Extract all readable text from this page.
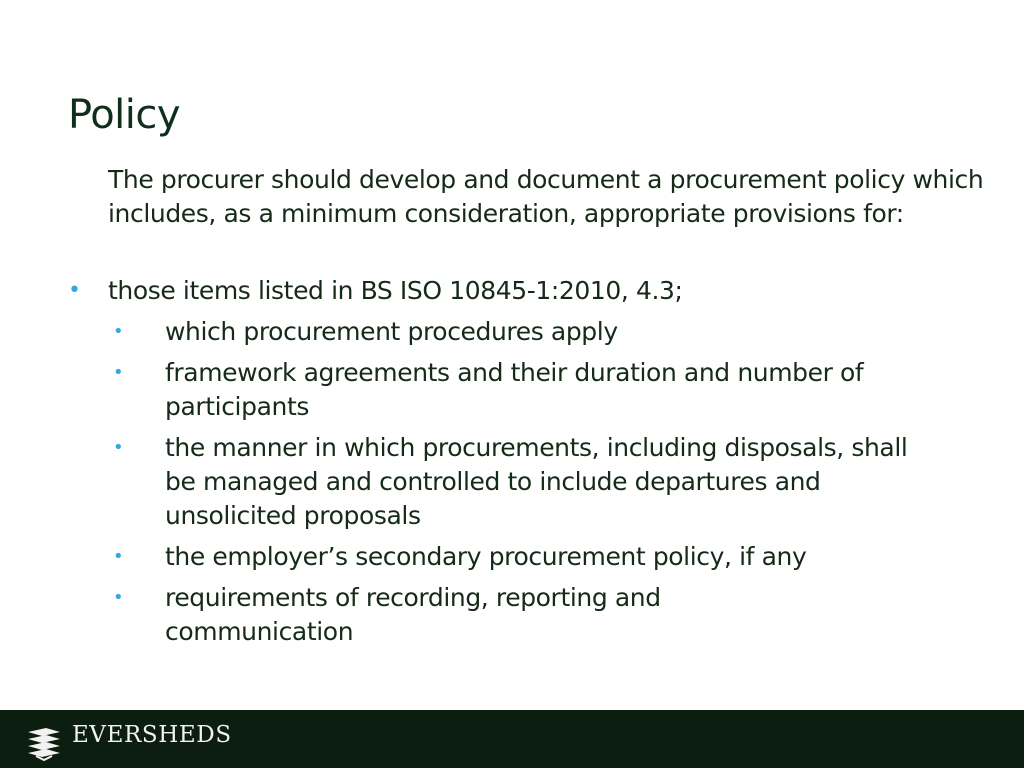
Policy
The procurer should develop and document a procurement policy which includes, as a minimum consideration, appropriate provisions for:
• those items listed in BS ISO 10845-1:2010, 4.3;
• which procurement procedures apply
• framework agreements and their duration and number of participants
• the manner in which procurements, including disposals, shall be managed and controlled to include departures and unsolicited proposals
• the employer’s secondary procurement policy, if any
• requirements of recording, reporting and communication
EVERSHEDS
